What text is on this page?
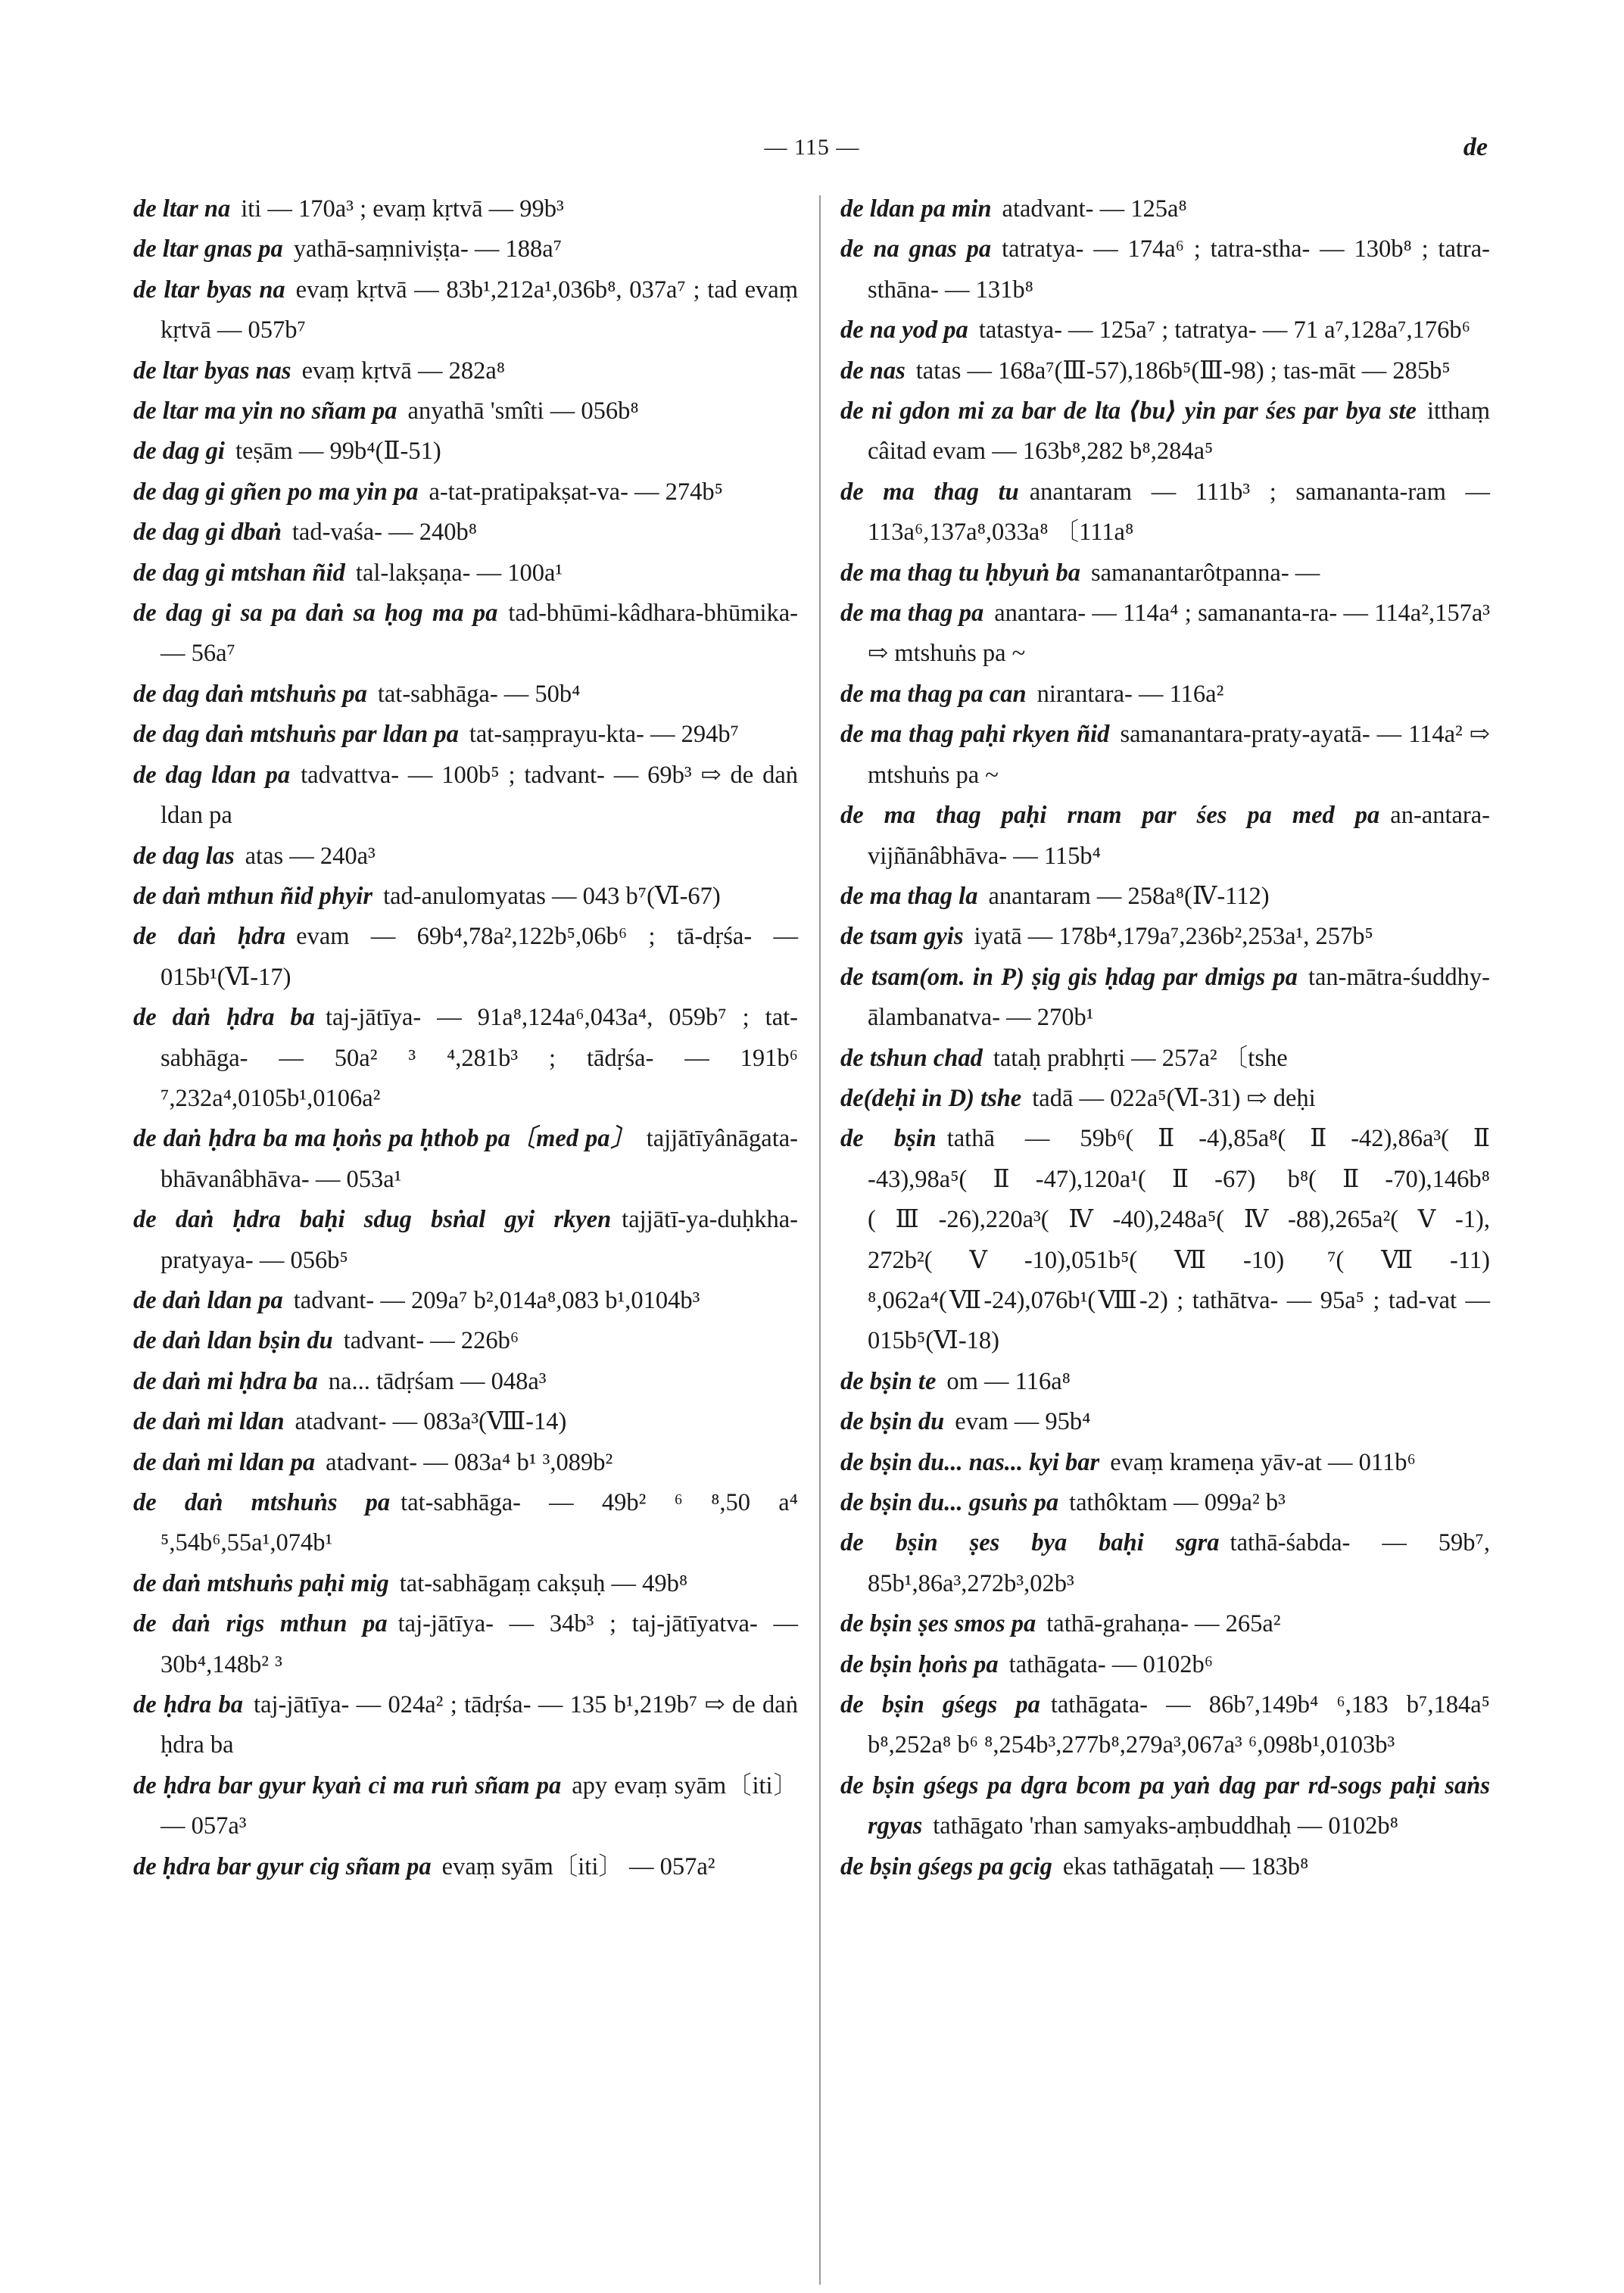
— 115 —	de
de ltar na iti — 170a³ ; evaṃ kṛtvā — 99b³
de ltar gnas pa yathā-saṃniviṣṭa- — 188a⁷
de ltar byas na evaṃ kṛtvā — 83b¹,212a¹,036b⁸, 037a⁷ ; tad evaṃ kṛtvā — 057b⁷
de ltar byas nas evaṃ kṛtvā — 282a⁸
de ltar ma yin no sñam pa anyathā 'smîti — 056b⁸
de dag gi teṣām — 99b⁴(Ⅱ-51)
de dag gi gñen po ma yin pa a-tat-pratipakṣat-va- — 274b⁵
de dag gi dbaṅ tad-vaśa- — 240b⁸
de dag gi mtshan ñid tal-lakṣaṇa- — 100a¹
de dag gi sa pa daṅ sa ḥog ma pa tad-bhūmi-kâdhara-bhūmika- — 56a⁷
de dag daṅ mtshuṅs pa tat-sabhāga- — 50b⁴
de dag daṅ mtshuṅs par ldan pa tat-saṃprayu-kta- — 294b⁷
de dag ldan pa tadvattva- — 100b⁵ ; tadvant- — 69b³ ⇨ de daṅ ldan pa
de dag las atas — 240a³
de daṅ mthun ñid phyir tad-anulomyatas — 043 b⁷(Ⅵ-67)
de daṅ ḥdra evam — 69b⁴,78a²,122b⁵,06b⁶ ; tā-dṛśa- — 015b¹(Ⅵ-17)
de daṅ ḥdra ba taj-jātīya- — 91a⁸,124a⁶,043a⁴, 059b⁷ ; tat-sabhāga- — 50a² ³ ⁴,281b³ ; tādṛśa- — 191b⁶ ⁷,232a⁴,0105b¹,0106a²
de daṅ ḥdra ba ma ḥoṅs pa ḥthob pa〔med pa〕 tajjātīyânāgata-bhāvanâbhāva- — 053a¹
de daṅ ḥdra baḥi sdug bsṅal gyi rkyen tajjātī-ya-duḥkha-pratyaya- — 056b⁵
de daṅ ldan pa tadvant- — 209a⁷ b²,014a⁸,083 b¹,0104b³
de daṅ ldan bṣin du tadvant- — 226b⁶
de daṅ mi ḥdra ba na... tādṛśam — 048a³
de daṅ mi ldan atadvant- — 083a³(Ⅷ-14)
de daṅ mi ldan pa atadvant- — 083a⁴ b¹ ³,089b²
de daṅ mtshuṅs pa tat-sabhāga- — 49b² ⁶ ⁸,50 a⁴ ⁵,54b⁶,55a¹,074b¹
de daṅ mtshuṅs paḥi mig tat-sabhāgaṃ cakṣuḥ — 49b⁸
de daṅ rigs mthun pa taj-jātīya- — 34b³ ; taj-jātīyatva- — 30b⁴,148b² ³
de ḥdra ba taj-jātīya- — 024a² ; tādṛśa- — 135 b¹,219b⁷ ⇨ de daṅ ḥdra ba
de ḥdra bar gyur kyaṅ ci ma ruṅ sñam pa apy evaṃ syām〔iti〕 — 057a³
de ḥdra bar gyur cig sñam pa evaṃ syām〔iti〕 — 057a²
de ldan pa min atadvant- — 125a⁸
de na gnas pa tatratya- — 174a⁶ ; tatra-stha- — 130b⁸ ; tatra-sthāna- — 131b⁸
de na yod pa tatastya- — 125a⁷ ; tatratya- — 71 a⁷,128a⁷,176b⁶
de nas tatas — 168a⁷(Ⅲ-57),186b⁵(Ⅲ-98) ; tas-māt — 285b⁵
de ni gdon mi za bar de lta ⟨bu⟩ yin par śes par bya ste itthaṃ câitad evam — 163b⁸,282 b⁸,284a⁵
de ma thag tu anantaram — 111b³ ; samananta-ram — 113a⁶,137a⁸,033a⁸ 〔111a⁸
de ma thag tu ḥbyuṅ ba samanantarôtpanna- —
de ma thag pa anantara- — 114a⁴ ; samananta-ra- — 114a²,157a³ ⇨ mtshuṅs pa ~
de ma thag pa can nirantara- — 116a²
de ma thag paḥi rkyen ñid samanantara-praty-ayatā- — 114a² ⇨ mtshuṅs pa ~
de ma thag paḥi rnam par śes pa med pa an-antara-vijñānâbhāva- — 115b⁴
de ma thag la anantaram — 258a⁸(Ⅳ-112)
de tsam gyis iyatā — 178b⁴,179a⁷,236b²,253a¹, 257b⁵
de tsam(om. in P) ṣig gis ḥdag par dmigs pa tan-mātra-śuddhy-ālambanatva- — 270b¹
de tshun chad tataḥ prabhṛti — 257a² 〔tshe
de(deḥi in D) tshe tadā — 022a⁵(Ⅵ-31) ⇨ deḥi
de bṣin tathā — 59b⁶(Ⅱ-4),85a⁸(Ⅱ-42),86a³(Ⅱ -43),98a⁵(Ⅱ-47),120a¹(Ⅱ-67) b⁸(Ⅱ-70),146b⁸ (Ⅲ-26),220a³(Ⅳ-40),248a⁵(Ⅳ-88),265a²(Ⅴ-1), 272b²(Ⅴ-10),051b⁵(Ⅶ-10) ⁷(Ⅶ-11) ⁸,062a⁴(Ⅶ-24),076b¹(Ⅷ-2) ; tathātva- — 95a⁵ ; tad-vat — 015b⁵(Ⅵ-18)
de bṣin te om — 116a⁸
de bṣin du evam — 95b⁴
de bṣin du... nas... kyi bar evaṃ krameṇa yāv-at — 011b⁶
de bṣin du... gsuṅs pa tathôktam — 099a² b³
de bṣin ṣes bya baḥi sgra tathā-śabda- — 59b⁷, 85b¹,86a³,272b³,02b³
de bṣin ṣes smos pa tathā-grahaṇa- — 265a²
de bṣin ḥoṅs pa tathāgata- — 0102b⁶
de bṣin gśegs pa tathāgata- — 86b⁷,149b⁴ ⁶,183 b⁷,184a⁵ b⁸,252a⁸ b⁶ ⁸,254b³,277b⁸,279a³,067a³ ⁶,098b¹,0103b³
de bṣin gśegs pa dgra bcom pa yaṅ dag par rd-sogs paḥi saṅs rgyas tathāgato 'rhan samyaks-aṃbuddhaḥ — 0102b⁸
de bṣin gśegs pa gcig ekas tathāgataḥ — 183b⁸
